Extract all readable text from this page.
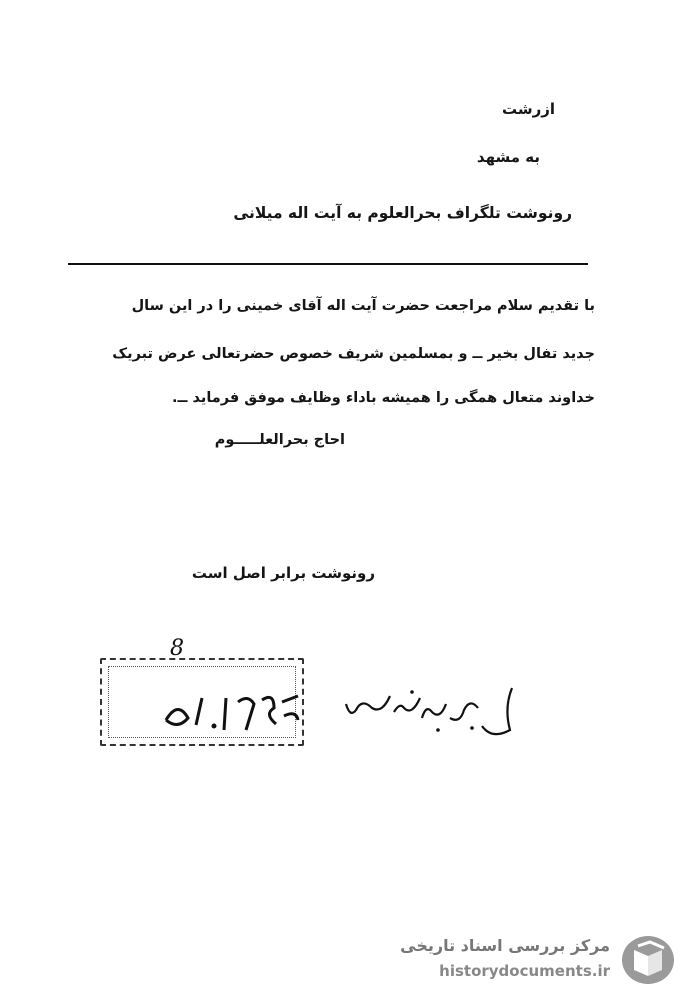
ازرشت
به مشهد
رونوشت تلگراف بحرالعلوم به آیت اله میلانی
با تقدیم سلام مراجعت حضرت آیت اله آقای خمینی را در این سال
جدید تفال بخیر ــ و بمسلمین شریف خصوص حضرتعالی عرض تبریک
خداوند متعال همگی را همیشه باداء وظایف موفق فرماید ــ.
احاج بحرالعلـــــوم
رونوشت برابر اصل است
8
مرکز بررسی اسناد تاریخی
historydocuments.ir
